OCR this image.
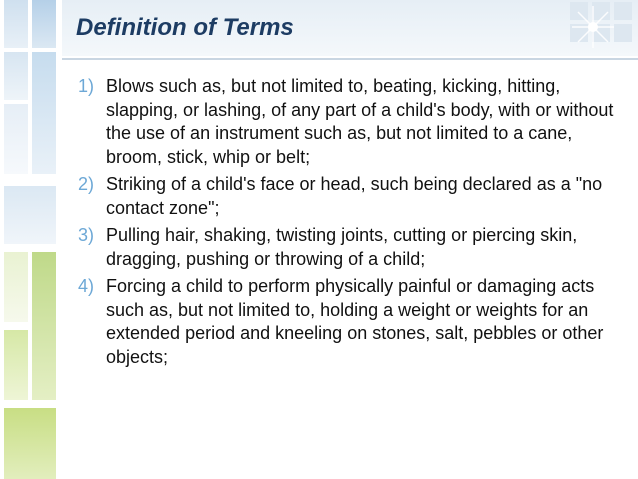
Definition of Terms
1) Blows such as, but not limited to, beating, kicking, hitting, slapping, or lashing, of any part of a child's body, with or without the use of an instrument such as, but not limited to a cane,     broom, stick, whip or belt;
2) Striking of a child's face or head, such being declared as a "no contact zone";
3) Pulling hair, shaking, twisting joints, cutting or piercing skin, dragging, pushing or throwing of a child;
4) Forcing a child to perform physically painful or damaging acts such as, but not limited to, holding a weight or weights for an extended period and kneeling on stones, salt, pebbles or other objects;
